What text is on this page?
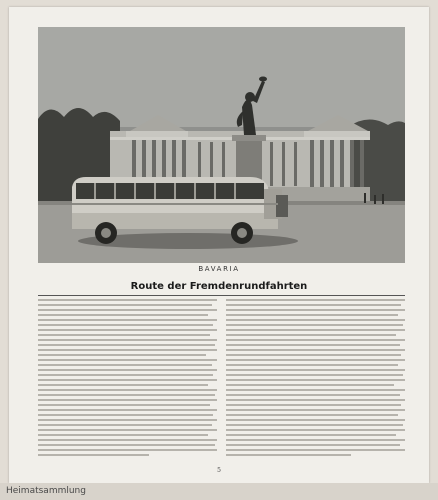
BAVARIA
Route der Fremdenrundfahrten
5
Heimatsammlung
